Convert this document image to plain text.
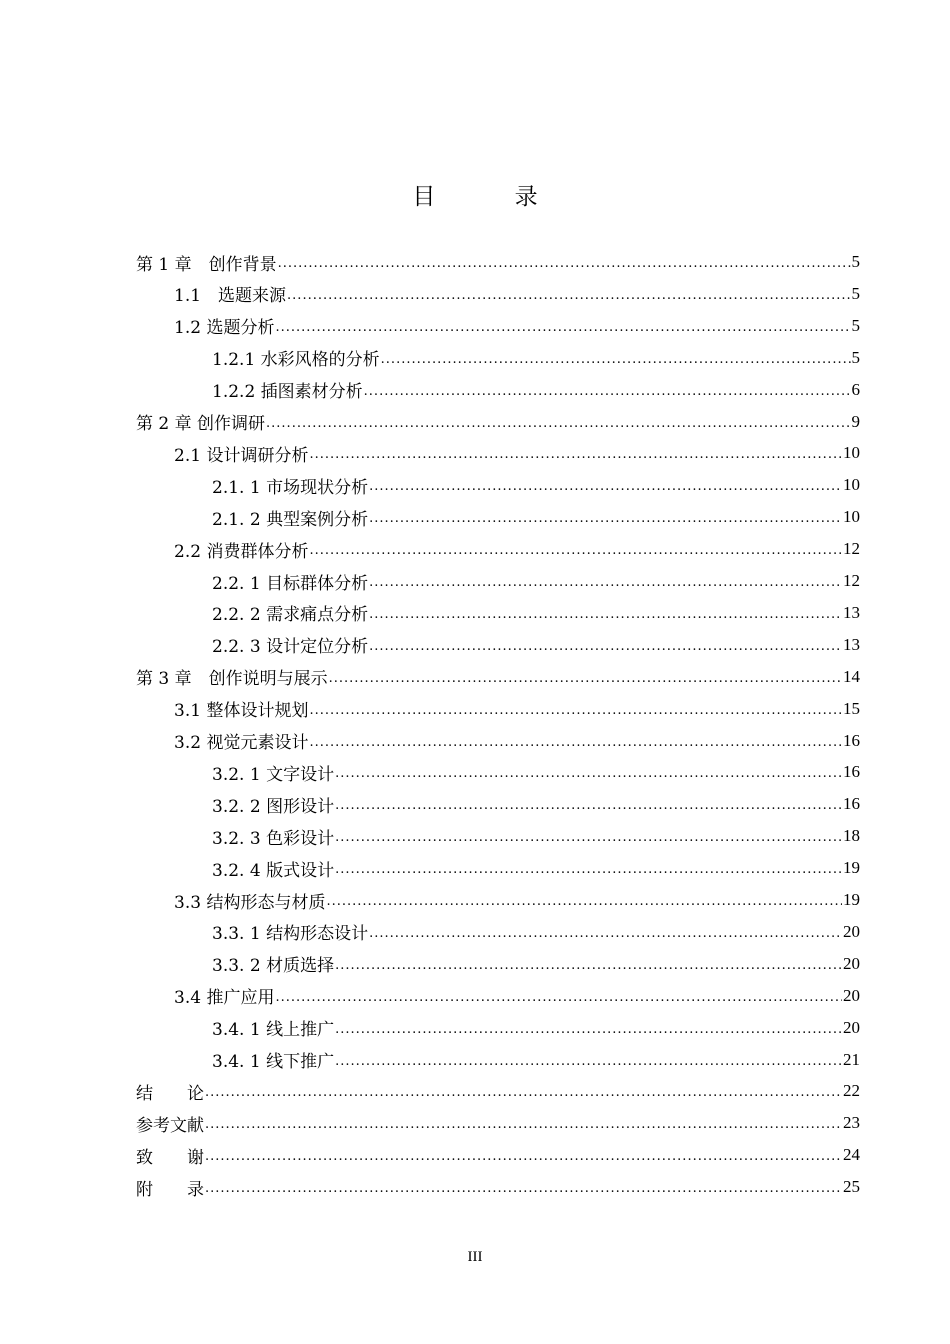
目 录
第 1 章　创作背景 .....	5
1.1　选题来源 .....	5
1.2 选题分析 .....	5
1.2.1 水彩风格的分析 .....	5
1.2.2 插图素材分析 .....	6
第 2 章 创作调研 .....	9
2.1 设计调研分析 .....	10
2.1. 1 市场现状分析 .....	10
2.1. 2 典型案例分析 .....	10
2.2 消费群体分析 .....	12
2.2. 1 目标群体分析 .....	12
2.2. 2 需求痛点分析 .....	13
2.2. 3 设计定位分析 .....	13
第 3 章　创作说明与展示 .....	14
3.1 整体设计规划 .....	15
3.2 视觉元素设计 .....	16
3.2. 1 文字设计 .....	16
3.2. 2 图形设计 .....	16
3.2. 3 色彩设计 .....	18
3.2. 4 版式设计 .....	19
3.3 结构形态与材质 .....	19
3.3. 1 结构形态设计 .....	20
3.3. 2 材质选择 .....	20
3.4 推广应用 .....	20
3.4. 1 线上推广 .....	20
3.4. 1 线下推广 .....	21
结　　论 .....	22
参考文献 .....	23
致　　谢 .....	24
附　　录 .....	25
III
